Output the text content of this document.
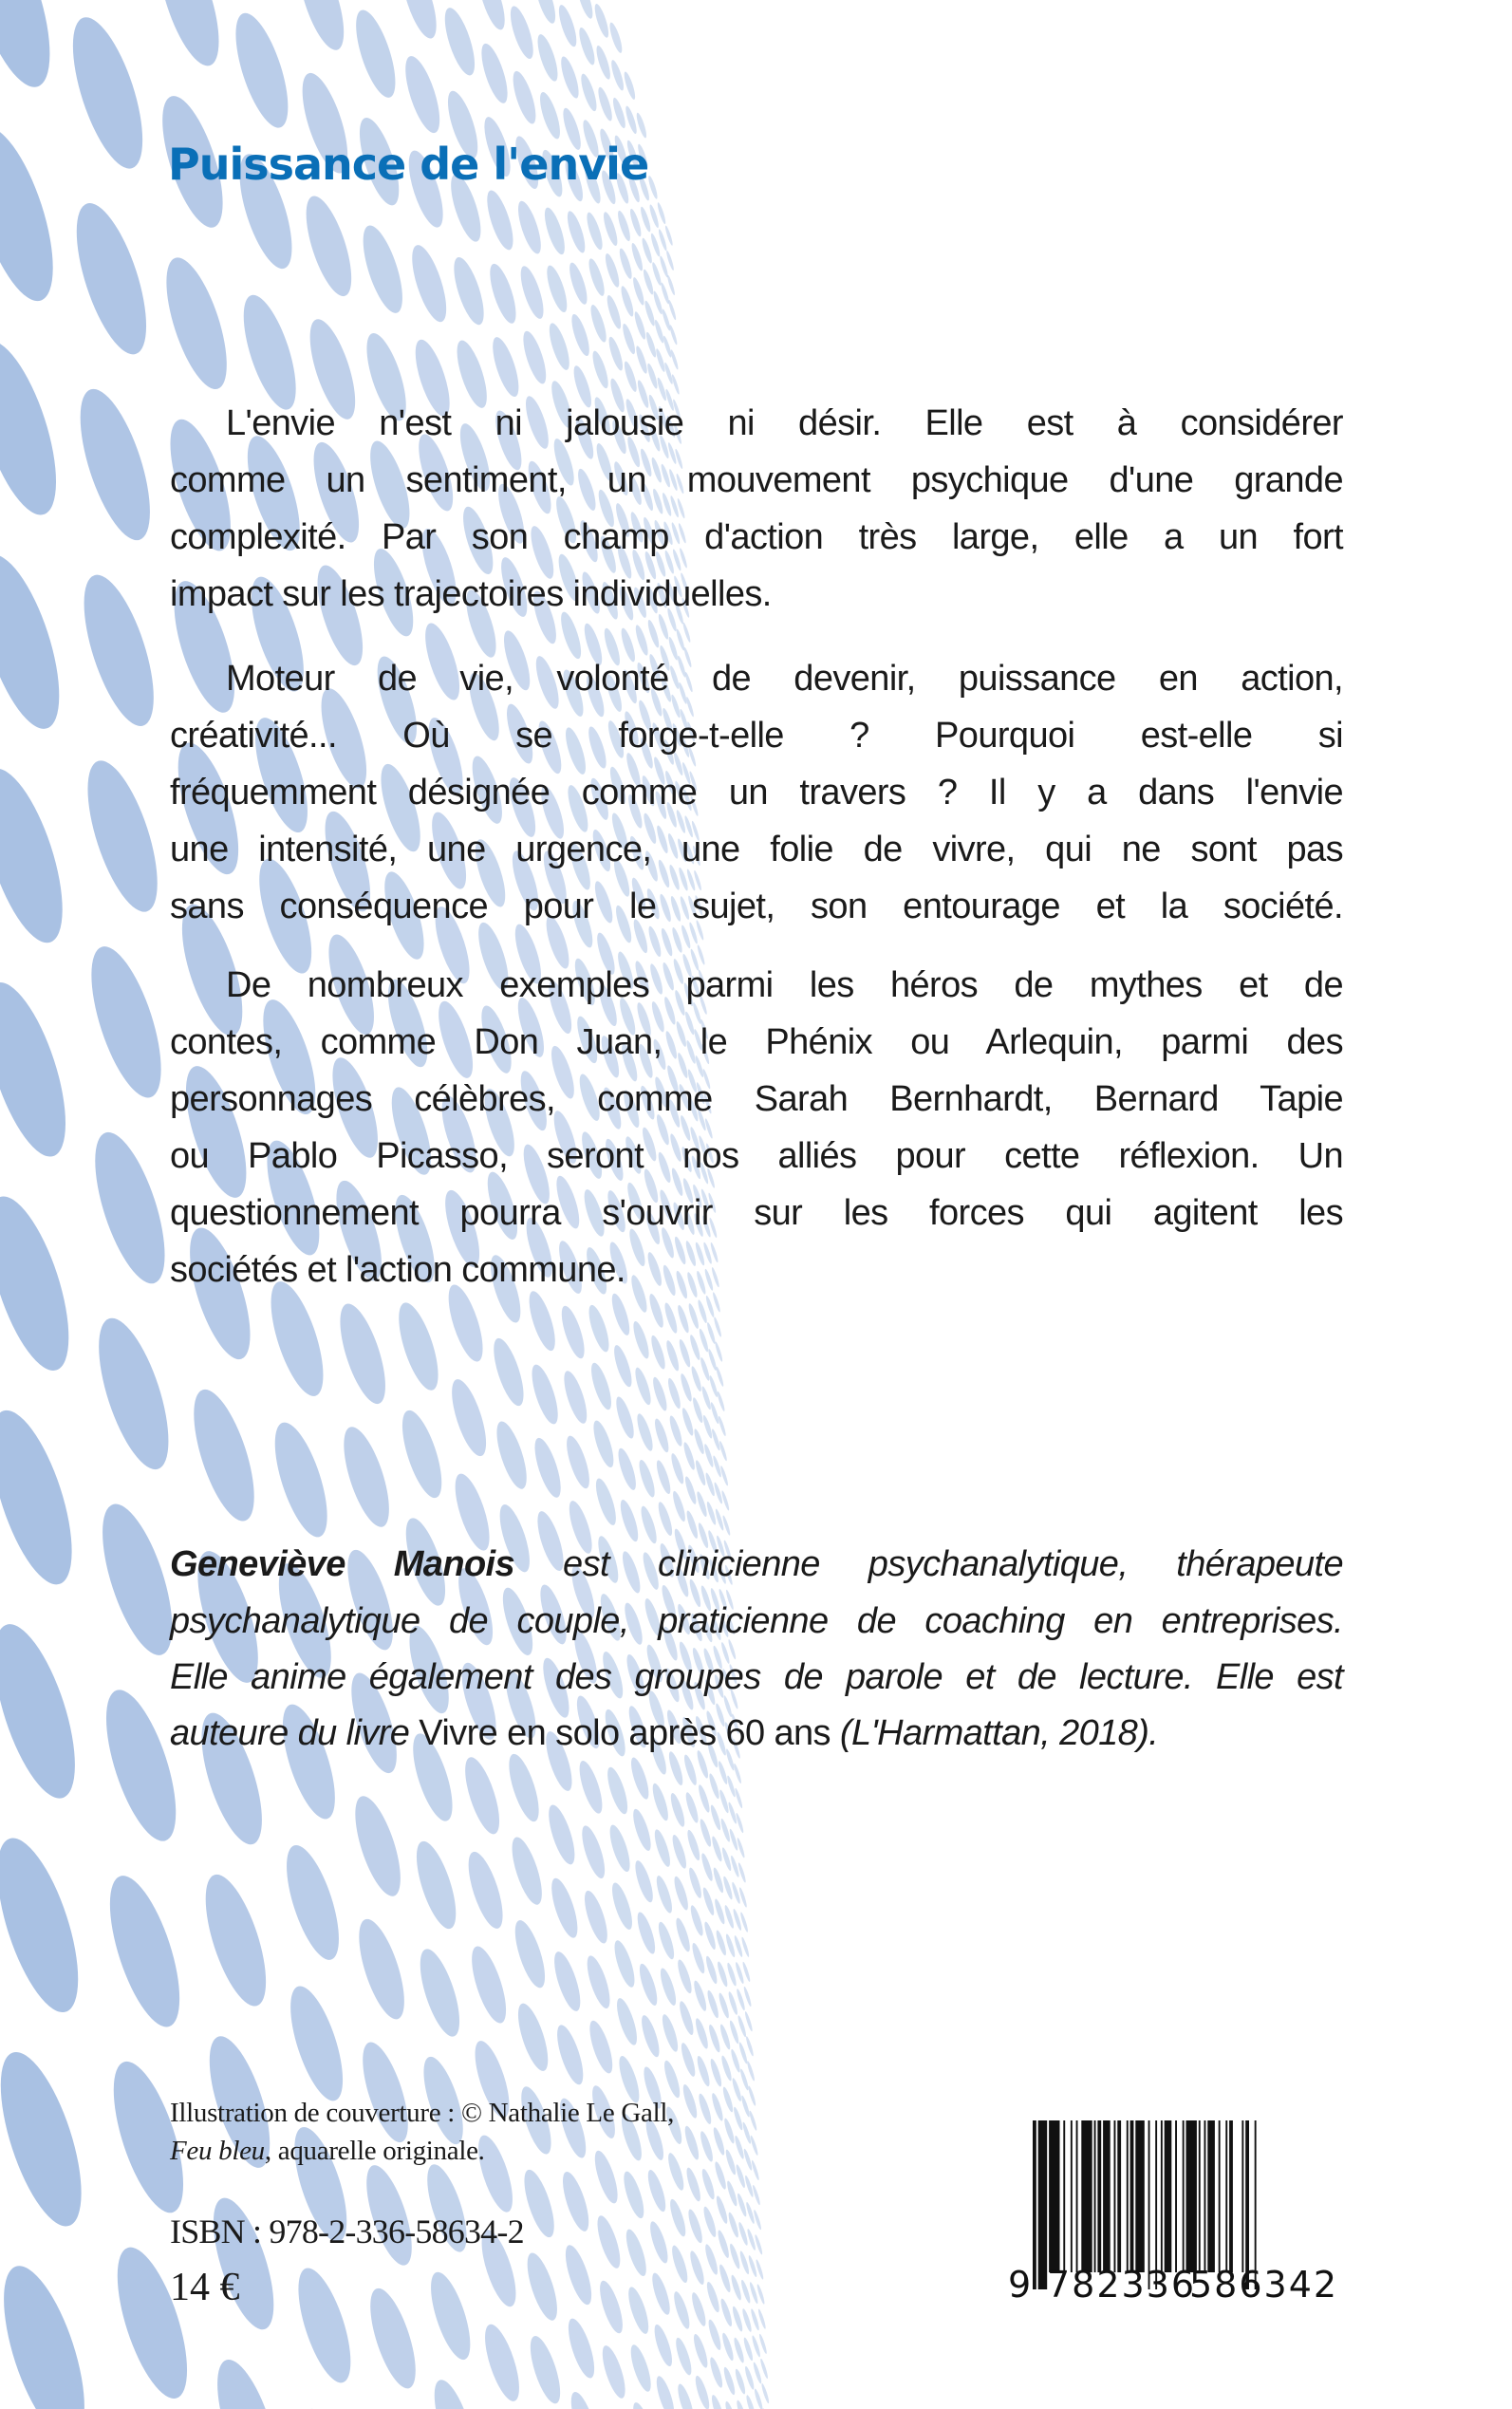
Puissance de l'envie
L'envie n'est ni jalousie ni désir. Elle est à considérer
comme un sentiment, un mouvement psychique d'une grande
complexité. Par son champ d'action très large, elle a un fort
impact sur les trajectoires individuelles.
Moteur de vie, volonté de devenir, puissance en action,
créativité... Où se forge-t-elle ? Pourquoi est-elle si
fréquemment désignée comme un travers ? Il y a dans l'envie
une intensité, une urgence, une folie de vivre, qui ne sont pas
sans conséquence pour le sujet, son entourage et la société.
De nombreux exemples parmi les héros de mythes et de
contes, comme Don Juan, le Phénix ou Arlequin, parmi des
personnages célèbres, comme Sarah Bernhardt, Bernard Tapie
ou Pablo Picasso, seront nos alliés pour cette réflexion. Un
questionnement pourra s'ouvrir sur les forces qui agitent les
sociétés et l'action commune.
Geneviève Manois est clinicienne psychanalytique, thérapeute
psychanalytique de couple, praticienne de coaching en entreprises.
Elle anime également des groupes de parole et de lecture. Elle est
auteure du livre Vivre en solo après 60 ans (L'Harmattan, 2018).
Illustration de couverture : © Nathalie Le Gall,
Feu bleu, aquarelle originale.
ISBN : 978-2-336-58634-2
14 €	9 782336
586342
